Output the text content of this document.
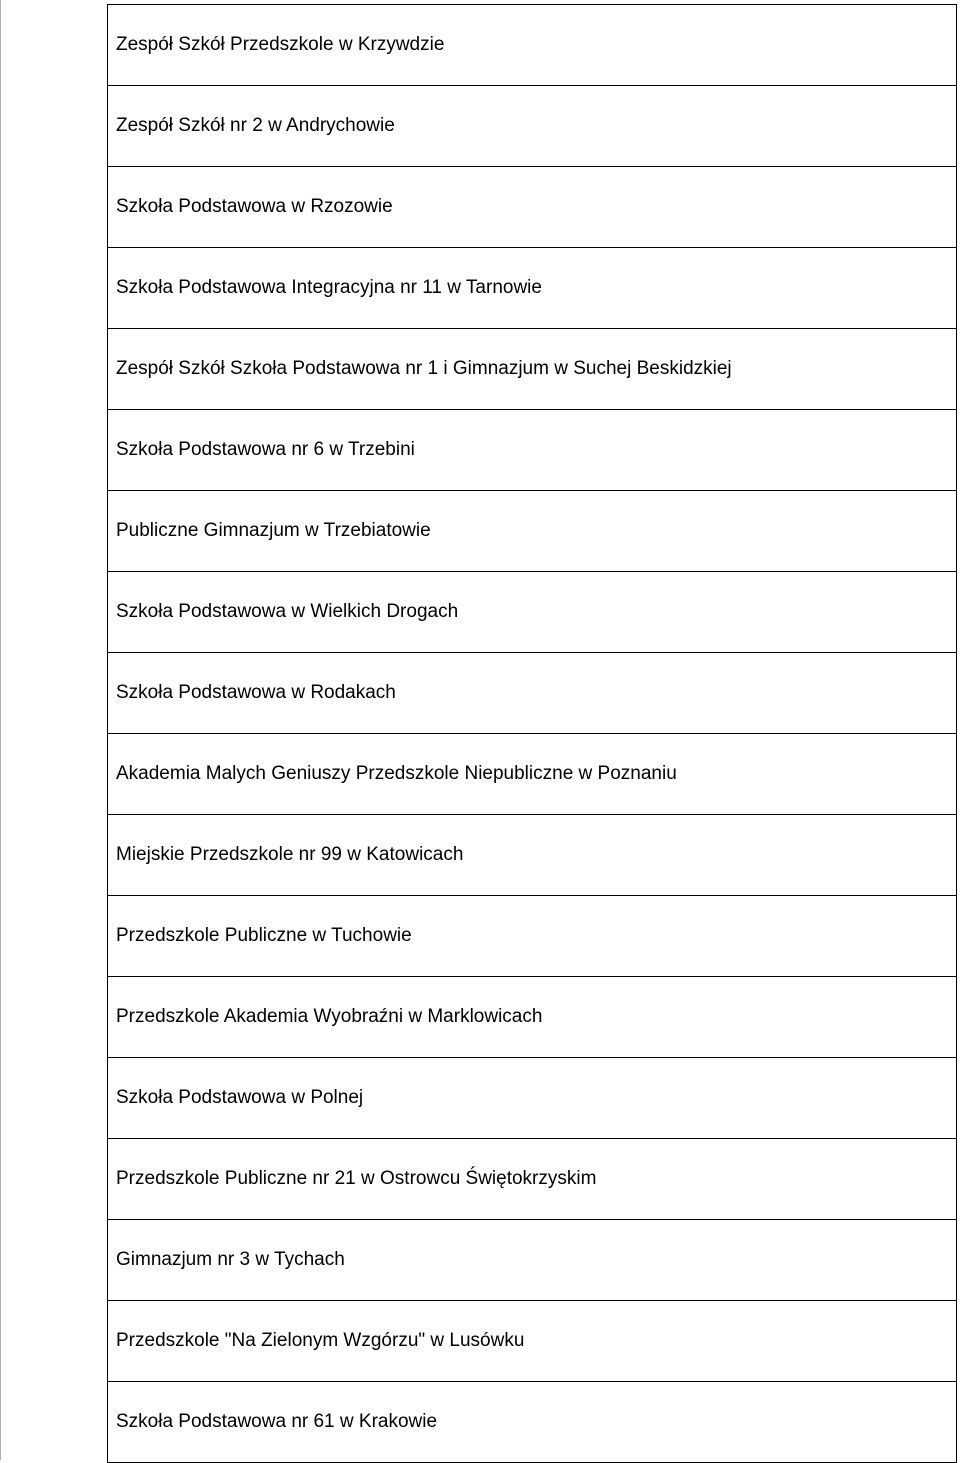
Zespół Szkół Przedszkole w Krzywdzie
Zespół Szkół nr 2 w Andrychowie
Szkoła Podstawowa w Rzozowie
Szkoła Podstawowa Integracyjna nr 11 w Tarnowie
Zespół Szkół Szkoła Podstawowa nr 1 i Gimnazjum w Suchej Beskidzkiej
Szkoła Podstawowa nr 6 w Trzebini
Publiczne Gimnazjum w Trzebiatowie
Szkoła Podstawowa w Wielkich Drogach
Szkoła Podstawowa w Rodakach
Akademia Malych Geniuszy Przedszkole Niepubliczne w Poznaniu
Miejskie Przedszkole nr 99 w Katowicach
Przedszkole Publiczne w Tuchowie
Przedszkole Akademia Wyobraźni w Marklowicach
Szkoła Podstawowa w Polnej
Przedszkole Publiczne nr 21 w Ostrowcu Świętokrzyskim
Gimnazjum nr 3 w Tychach
Przedszkole "Na Zielonym Wzgórzu" w Lusówku
Szkoła Podstawowa nr 61 w Krakowie
